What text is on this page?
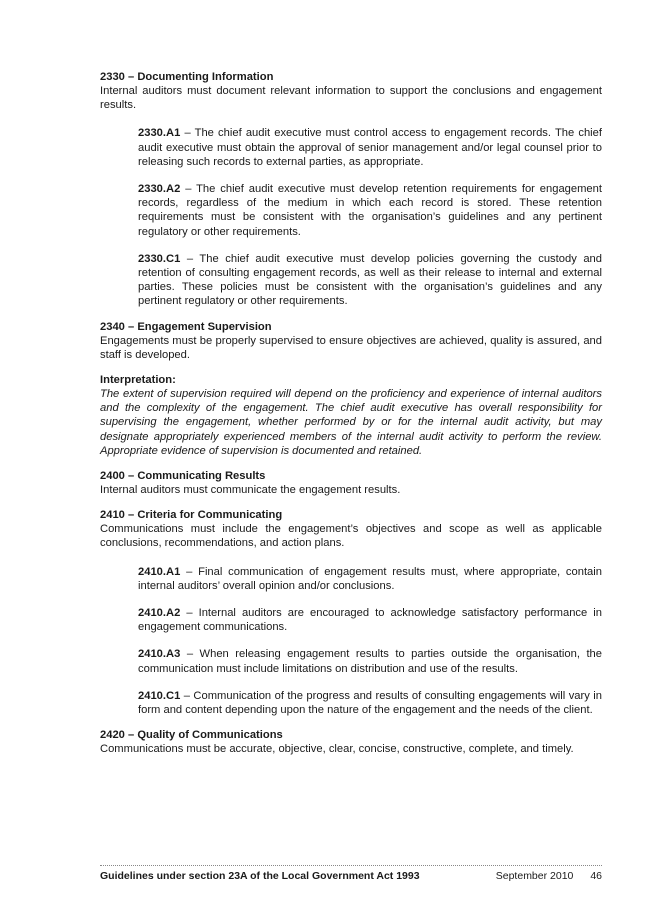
2330 – Documenting Information

Internal auditors must document relevant information to support the conclusions and engagement results.

2330.A1 – The chief audit executive must control access to engagement records. The chief audit executive must obtain the approval of senior management and/or legal counsel prior to releasing such records to external parties, as appropriate.
2330.A2 – The chief audit executive must develop retention requirements for engagement records, regardless of the medium in which each record is stored. These retention requirements must be consistent with the organisation’s guidelines and any pertinent regulatory or other requirements.
2330.C1 – The chief audit executive must develop policies governing the custody and retention of consulting engagement records, as well as their release to internal and external parties. These policies must be consistent with the organisation’s guidelines and any pertinent regulatory or other requirements.

2340 – Engagement Supervision

Engagements must be properly supervised to ensure objectives are achieved, quality is assured, and staff is developed.

Interpretation:

The extent of supervision required will depend on the proficiency and experience of internal auditors and the complexity of the engagement. The chief audit executive has overall responsibility for supervising the engagement, whether performed by or for the internal audit activity, but may designate appropriately experienced members of the internal audit activity to perform the review. Appropriate evidence of supervision is documented and retained.

2400 – Communicating Results

Internal auditors must communicate the engagement results.

2410 – Criteria for Communicating

Communications must include the engagement’s objectives and scope as well as applicable conclusions, recommendations, and action plans.

2410.A1 – Final communication of engagement results must, where appropriate, contain internal auditors’ overall opinion and/or conclusions.
2410.A2 – Internal auditors are encouraged to acknowledge satisfactory performance in engagement communications.
2410.A3 – When releasing engagement results to parties outside the organisation, the communication must include limitations on distribution and use of the results.
2410.C1 – Communication of the progress and results of consulting engagements will vary in form and content depending upon the nature of the engagement and the needs of the client.

2420 – Quality of Communications

Communications must be accurate, objective, clear, concise, constructive, complete, and timely.

Guidelines under section 23A of the Local Government Act 1993	September 2010 46
